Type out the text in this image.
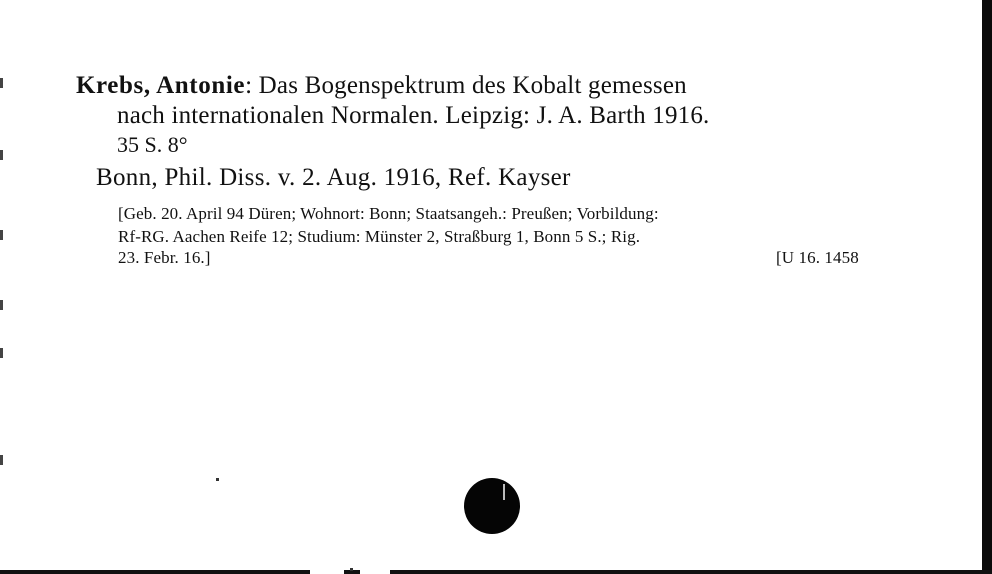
Krebs, Antonie: Das Bogenspektrum des Kobalt gemessen
nach internationalen Normalen. Leipzig: J. A. Barth 1916.
35 S. 8°
Bonn, Phil. Diss. v. 2. Aug. 1916, Ref. Kayser
[Geb. 20. April 94 Düren; Wohnort: Bonn; Staatsangeh.: Preußen; Vorbildung:
Rf-RG. Aachen Reife 12; Studium: Münster 2, Straßburg 1, Bonn 5 S.; Rig.
23. Febr. 16.]	[U 16. 1458
